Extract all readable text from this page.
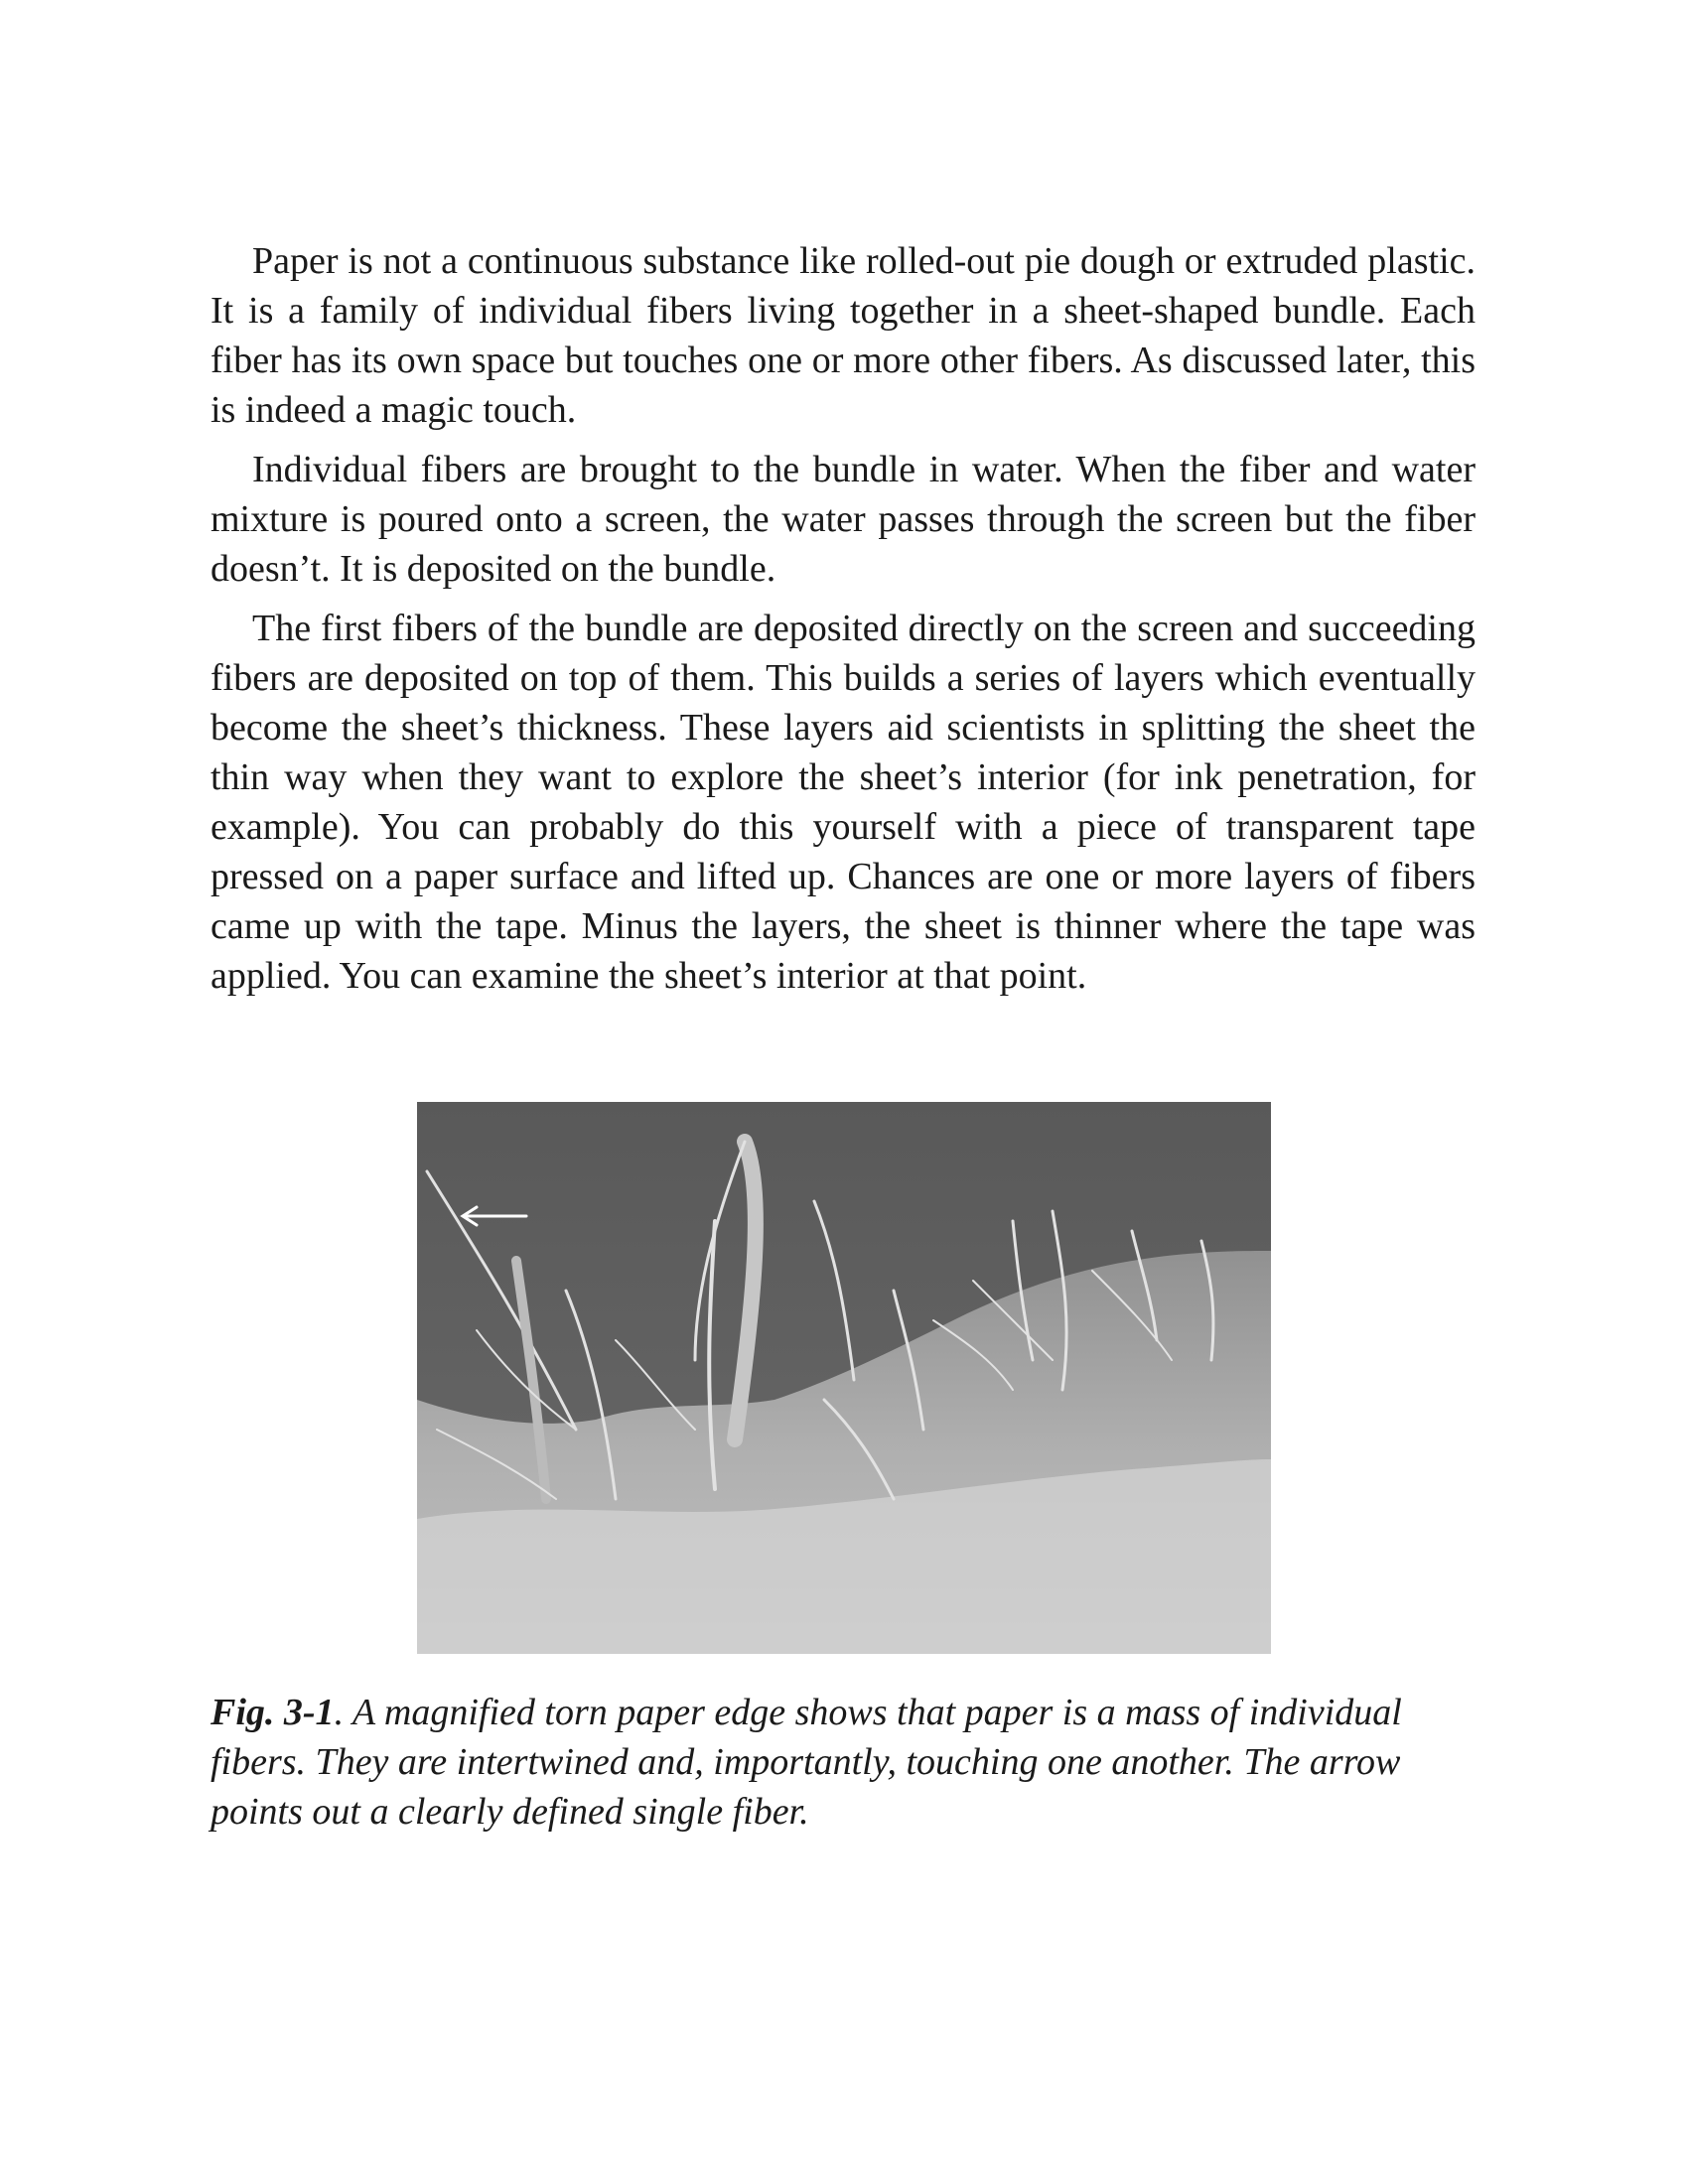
Paper is not a continuous substance like rolled-out pie dough or extruded plastic. It is a family of individual fibers living together in a sheet-shaped bundle. Each fiber has its own space but touches one or more other fibers. As discussed later, this is indeed a magic touch.

Individual fibers are brought to the bundle in water. When the fiber and water mixture is poured onto a screen, the water passes through the screen but the fiber doesn’t. It is deposited on the bundle.

The first fibers of the bundle are deposited directly on the screen and succeeding fibers are deposited on top of them. This builds a series of layers which eventually become the sheet’s thickness. These layers aid scientists in splitting the sheet the thin way when they want to explore the sheet’s interior (for ink penetration, for example). You can probably do this yourself with a piece of transparent tape pressed on a paper surface and lifted up. Chances are one or more layers of fibers came up with the tape. Minus the layers, the sheet is thinner where the tape was applied. You can examine the sheet’s interior at that point.

Fig. 3-1. A magnified torn paper edge shows that paper is a mass of individual fibers. They are intertwined and, importantly, touching one another. The arrow points out a clearly defined single fiber.
